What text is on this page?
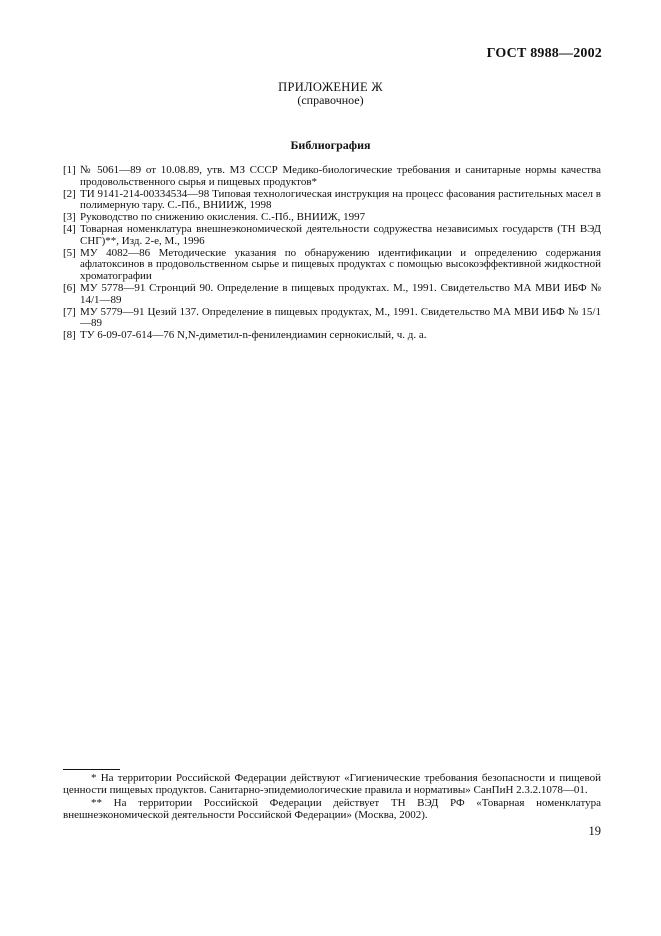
ГОСТ 8988—2002
ПРИЛОЖЕНИЕ Ж
(справочное)
Библиография
[1] № 5061—89 от 10.08.89, утв. МЗ СССР Медико-биологические требования и санитарные нормы качества продовольственного сырья и пищевых продуктов*
[2] ТИ 9141-214-00334534—98 Типовая технологическая инструкция на процесс фасования растительных масел в полимерную тару. С.-Пб., ВНИИЖ, 1998
[3] Руководство по снижению окисления. С.-Пб., ВНИИЖ, 1997
[4] Товарная номенклатура внешнеэкономической деятельности содружества независимых государств (ТН ВЭД СНГ)**, Изд. 2-е, М., 1996
[5] МУ 4082—86 Методические указания по обнаружению идентификации и определению содержания афлатоксинов в продовольственном сырье и пищевых продуктах с помощью высокоэффективной жидкостной хроматографии
[6] МУ 5778—91 Стронций 90. Определение в пищевых продуктах. М., 1991. Свидетельство МА МВИ ИБФ № 14/1—89
[7] МУ 5779—91 Цезий 137. Определение в пищевых продуктах, М., 1991. Свидетельство МА МВИ ИБФ № 15/1—89
[8] ТУ 6-09-07-614—76 N,N-диметил-n-фенилендиамин сернокислый, ч. д. а.
* На территории Российской Федерации действуют «Гигиенические требования безопасности и пищевой ценности пищевых продуктов. Санитарно-эпидемиологические правила и нормативы» СанПиН 2.3.2.1078—01.
** На территории Российской Федерации действует ТН ВЭД РФ «Товарная номенклатура внешнеэкономической деятельности Российской Федерации» (Москва, 2002).
19
